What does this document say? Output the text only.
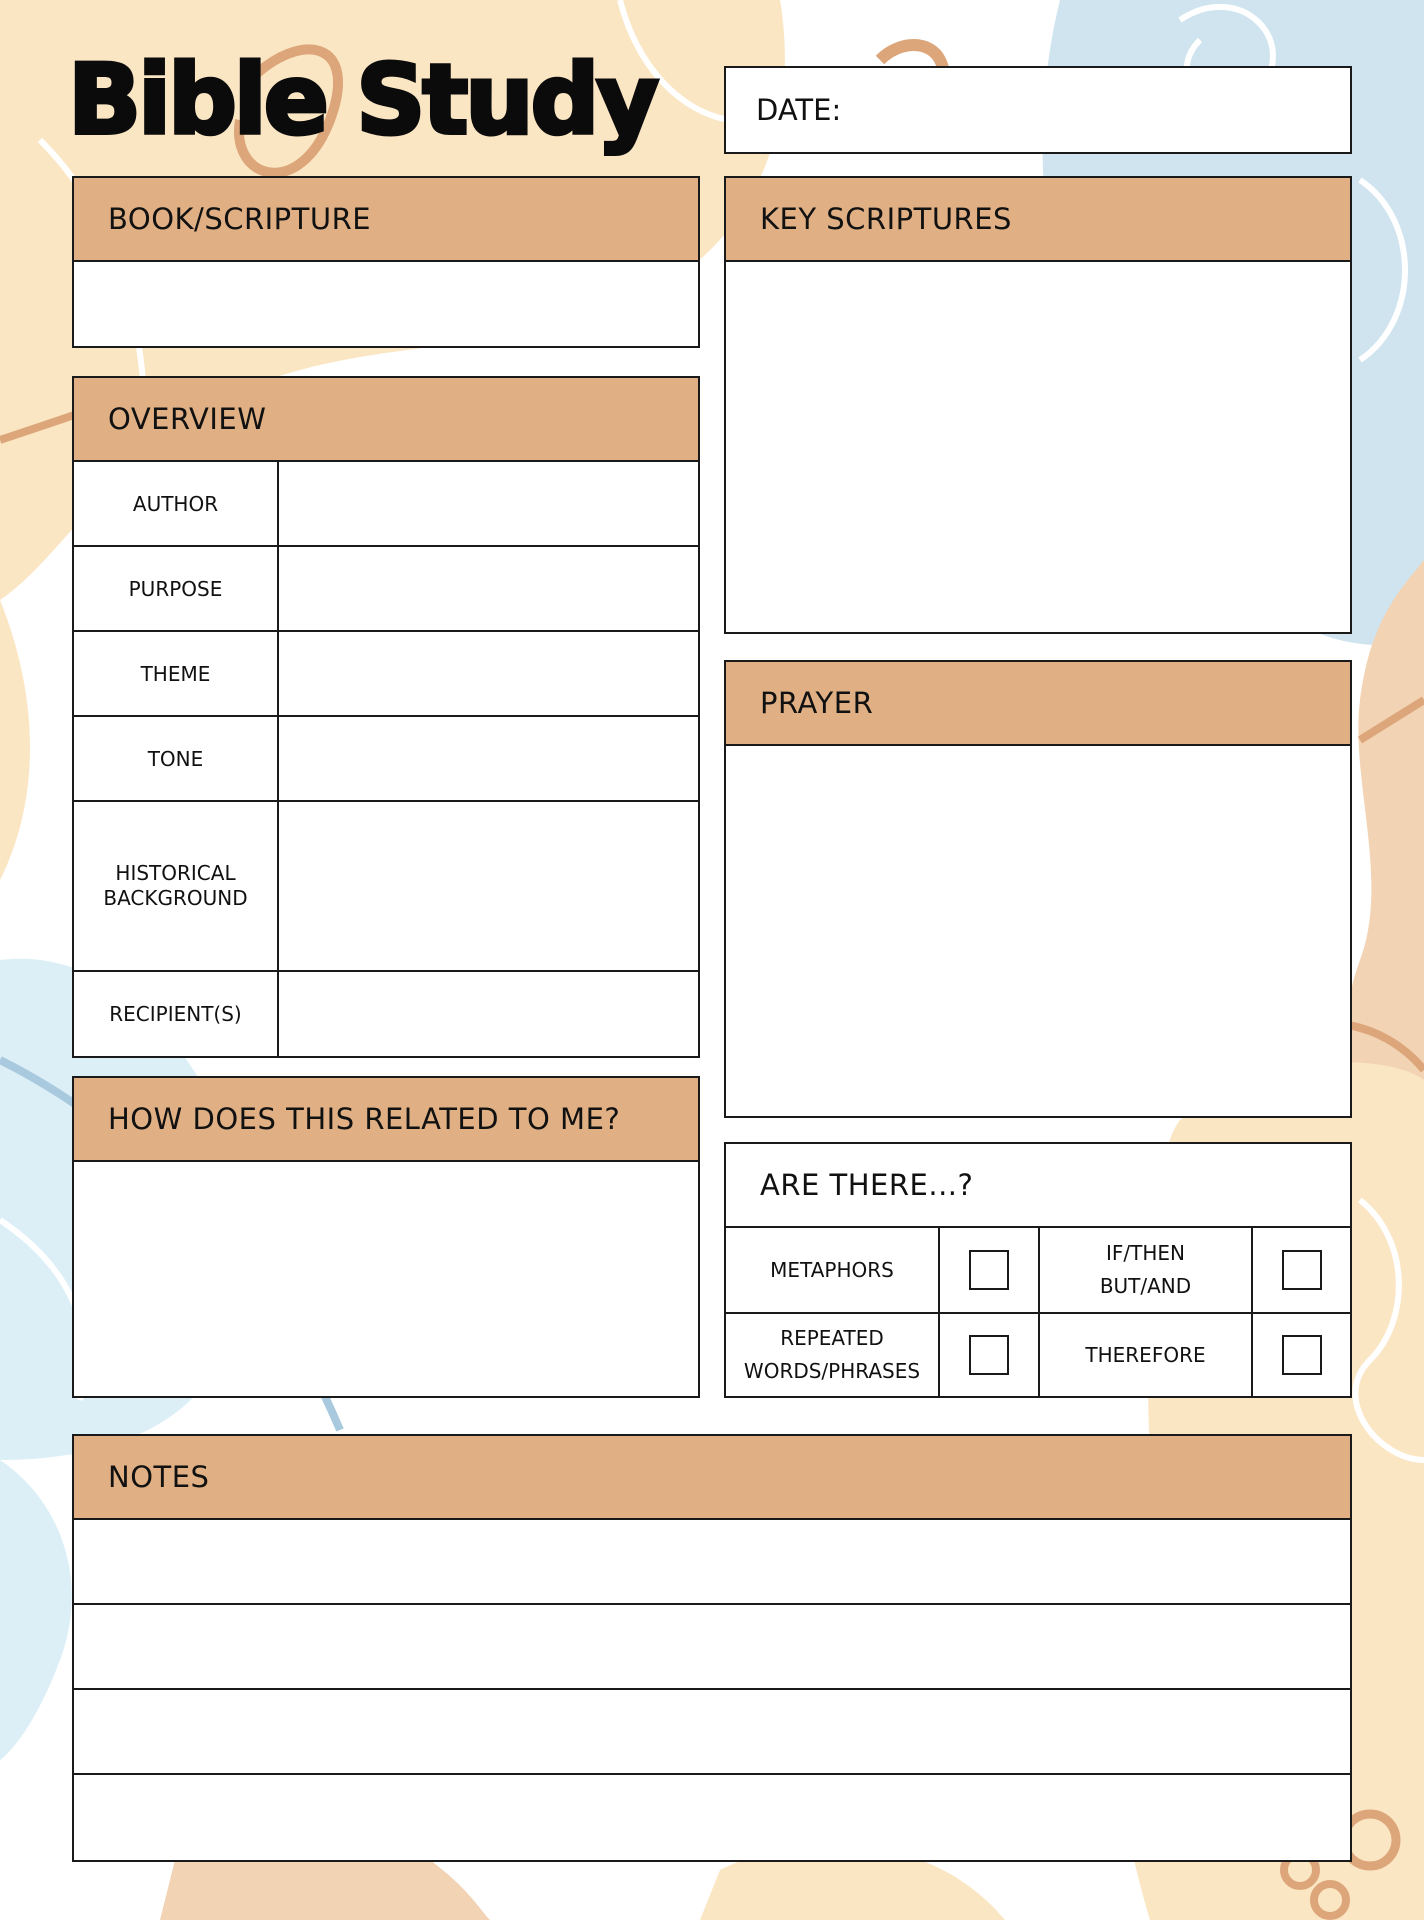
Bible Study	DATE:
BOOK/SCRIPTURE
OVERVIEW
AUTHOR
PURPOSE
THEME
TONE
HISTORICAL
BACKGROUND
RECIPIENT(S)
HOW DOES THIS RELATED TO ME?
KEY SCRIPTURES
PRAYER
ARE THERE...?
METAPHORS
IF/THEN
BUT/AND
REPEATED
WORDS/PHRASES
THEREFORE
NOTES
